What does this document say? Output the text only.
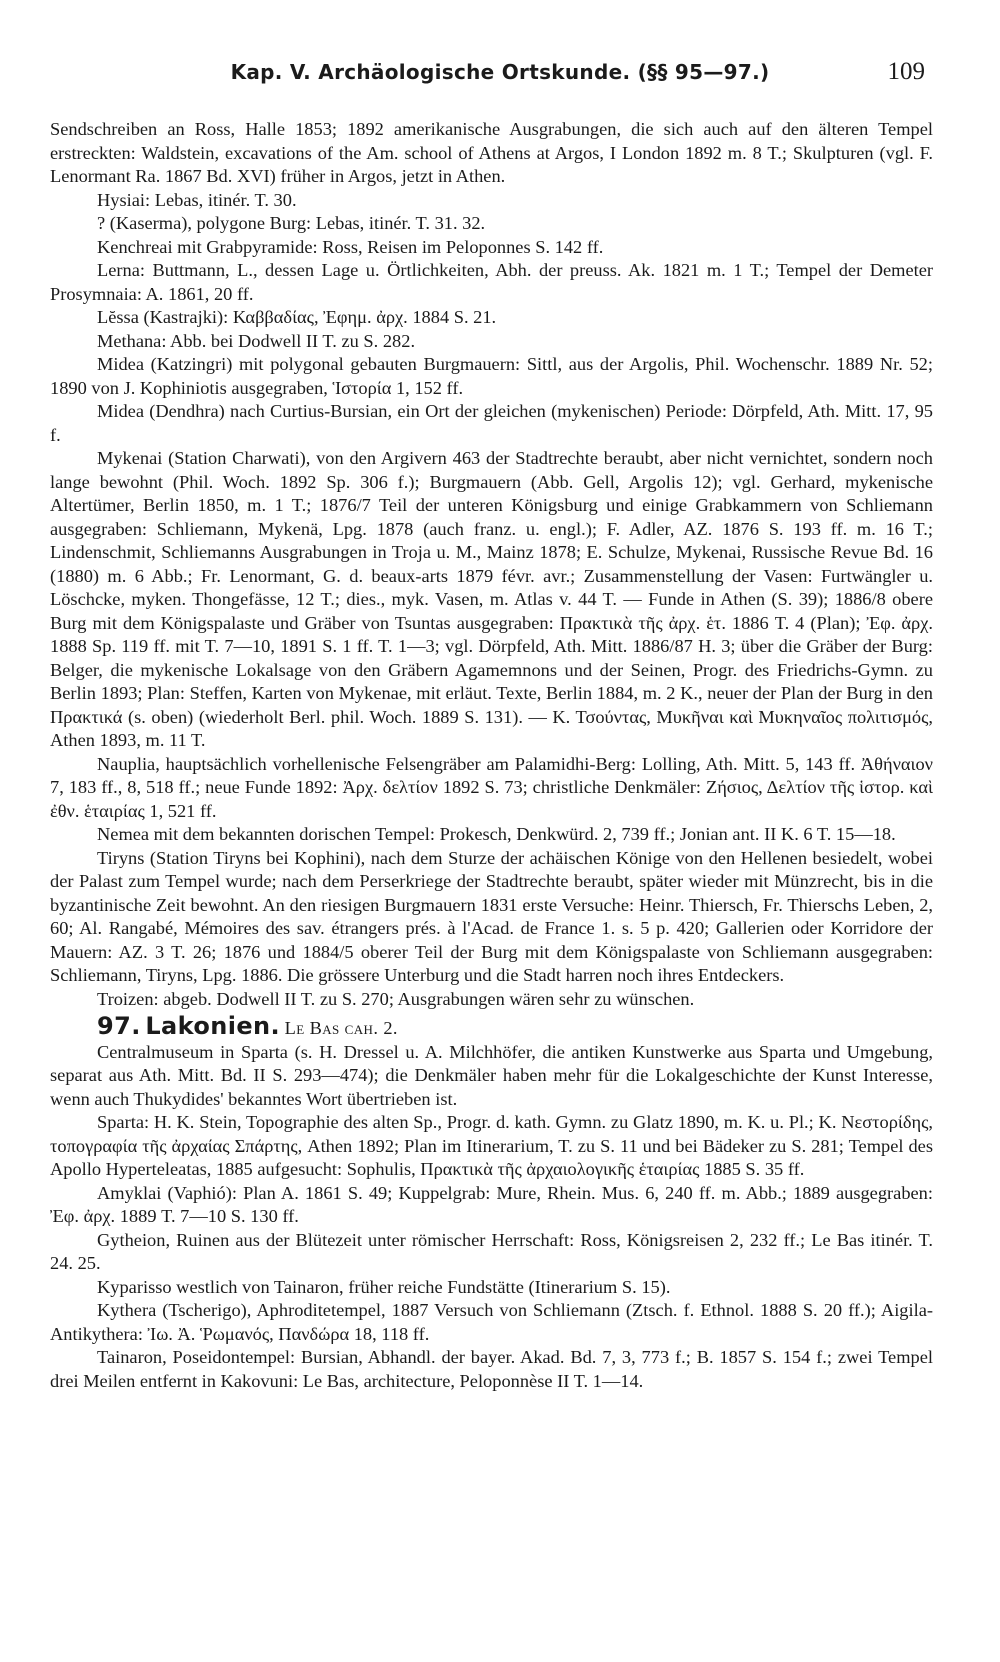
Kap. V. Archäologische Ortskunde. (§§ 95—97.)	109

Sendschreiben an Ross, Halle 1853; 1892 amerikanische Ausgrabungen, die sich auch auf den älteren Tempel erstreckten: Waldstein, excavations of the Am. school of Athens at Argos, I London 1892 m. 8 T.; Skulpturen (vgl. F. Lenormant Ra. 1867 Bd. XVI) früher in Argos, jetzt in Athen.

Hysiai: Lebas, itinér. T. 30.

? (Kaserma), polygone Burg: Lebas, itinér. T. 31. 32.

Kenchreai mit Grabpyramide: Ross, Reisen im Peloponnes S. 142 ff.

Lerna: Buttmann, L., dessen Lage u. Örtlichkeiten, Abh. der preuss. Ak. 1821 m. 1 T.; Tempel der Demeter Prosymnaia: A. 1861, 20 ff.

Lĕssa (Kastrajki): Καββαδίας, Ἐφημ. ἀρχ. 1884 S. 21.

Methana: Abb. bei Dodwell II T. zu S. 282.

Midea (Katzingri) mit polygonal gebauten Burgmauern: Sittl, aus der Argolis, Phil. Wochenschr. 1889 Nr. 52; 1890 von J. Kophiniotis ausgegraben, Ἱστορία 1, 152 ff.

Midea (Dendhra) nach Curtius-Bursian, ein Ort der gleichen (mykenischen) Periode: Dörpfeld, Ath. Mitt. 17, 95 f.

Mykenai (Station Charwati), von den Argivern 463 der Stadtrechte beraubt, aber nicht vernichtet, sondern noch lange bewohnt (Phil. Woch. 1892 Sp. 306 f.); Burgmauern (Abb. Gell, Argolis 12); vgl. Gerhard, mykenische Altertümer, Berlin 1850, m. 1 T.; 1876/7 Teil der unteren Königsburg und einige Grabkammern von Schliemann ausgegraben: Schliemann, Mykenä, Lpg. 1878 (auch franz. u. engl.); F. Adler, AZ. 1876 S. 193 ff. m. 16 T.; Lindenschmit, Schliemanns Ausgrabungen in Troja u. M., Mainz 1878; E. Schulze, Mykenai, Russische Revue Bd. 16 (1880) m. 6 Abb.; Fr. Lenormant, G. d. beaux-arts 1879 févr. avr.; Zusammenstellung der Vasen: Furtwängler u. Löschcke, myken. Thongefässe, 12 T.; dies., myk. Vasen, m. Atlas v. 44 T. — Funde in Athen (S. 39); 1886/8 obere Burg mit dem Königspalaste und Gräber von Tsuntas ausgegraben: Πρακτικὰ τῆς ἀρχ. ἑτ. 1886 T. 4 (Plan); Ἐφ. ἀρχ. 1888 Sp. 119 ff. mit T. 7—10, 1891 S. 1 ff. T. 1—3; vgl. Dörpfeld, Ath. Mitt. 1886/87 H. 3; über die Gräber der Burg: Belger, die mykenische Lokalsage von den Gräbern Agamemnons und der Seinen, Progr. des Friedrichs-Gymn. zu Berlin 1893; Plan: Steffen, Karten von Mykenae, mit erläut. Texte, Berlin 1884, m. 2 K., neuer der Plan der Burg in den Πρακτικά (s. oben) (wiederholt Berl. phil. Woch. 1889 S. 131). — Κ. Τσούντας, Μυκῆναι καὶ Μυκηναῖος πολιτισμός, Athen 1893, m. 11 T.

Nauplia, hauptsächlich vorhellenische Felsengräber am Palamidhi-Berg: Lolling, Ath. Mitt. 5, 143 ff. Ἀθήναιον 7, 183 ff., 8, 518 ff.; neue Funde 1892: Ἀρχ. δελτίον 1892 S. 73; christliche Denkmäler: Ζήσιος, Δελτίον τῆς ἱστορ. καὶ ἐθν. ἑταιρίας 1, 521 ff.

Nemea mit dem bekannten dorischen Tempel: Prokesch, Denkwürd. 2, 739 ff.; Jonian ant. II K. 6 T. 15—18.

Tiryns (Station Tiryns bei Kophini), nach dem Sturze der achäischen Könige von den Hellenen besiedelt, wobei der Palast zum Tempel wurde; nach dem Perserkriege der Stadtrechte beraubt, später wieder mit Münzrecht, bis in die byzantinische Zeit bewohnt. An den riesigen Burgmauern 1831 erste Versuche: Heinr. Thiersch, Fr. Thierschs Leben, 2, 60; Al. Rangabé, Mémoires des sav. étrangers prés. à l'Acad. de France 1. s. 5 p. 420; Gallerien oder Korridore der Mauern: AZ. 3 T. 26; 1876 und 1884/5 oberer Teil der Burg mit dem Königspalaste von Schliemann ausgegraben: Schliemann, Tiryns, Lpg. 1886. Die grössere Unterburg und die Stadt harren noch ihres Entdeckers.

Troizen: abgeb. Dodwell II T. zu S. 270; Ausgrabungen wären sehr zu wünschen.

97. Lakonien. Le Bas cah. 2.

Centralmuseum in Sparta (s. H. Dressel u. A. Milchhöfer, die antiken Kunstwerke aus Sparta und Umgebung, separat aus Ath. Mitt. Bd. II S. 293—474); die Denkmäler haben mehr für die Lokalgeschichte der Kunst Interesse, wenn auch Thukydides' bekanntes Wort übertrieben ist.

Sparta: H. K. Stein, Topographie des alten Sp., Progr. d. kath. Gymn. zu Glatz 1890, m. K. u. Pl.; Κ. Νεστορίδης, τοπογραφία τῆς ἀρχαίας Σπάρτης, Athen 1892; Plan im Itinerarium, T. zu S. 11 und bei Bädeker zu S. 281; Tempel des Apollo Hyperteleatas, 1885 aufgesucht: Sophulis, Πρακτικὰ τῆς ἀρχαιολογικῆς ἑταιρίας 1885 S. 35 ff.

Amyklai (Vaphió): Plan A. 1861 S. 49; Kuppelgrab: Mure, Rhein. Mus. 6, 240 ff. m. Abb.; 1889 ausgegraben: Ἐφ. ἀρχ. 1889 T. 7—10 S. 130 ff.

Gytheion, Ruinen aus der Blütezeit unter römischer Herrschaft: Ross, Königsreisen 2, 232 ff.; Le Bas itinér. T. 24. 25.

Kyparisso westlich von Tainaron, früher reiche Fundstätte (Itinerarium S. 15).

Kythera (Tscherigo), Aphroditetempel, 1887 Versuch von Schliemann (Ztsch. f. Ethnol. 1888 S. 20 ff.); Aigila-Antikythera: Ἰω. Ἀ. Ῥωμανός, Πανδώρα 18, 118 ff.

Tainaron, Poseidontempel: Bursian, Abhandl. der bayer. Akad. Bd. 7, 3, 773 f.; B. 1857 S. 154 f.; zwei Tempel drei Meilen entfernt in Kakovuni: Le Bas, architecture, Peloponnèse II T. 1—14.
